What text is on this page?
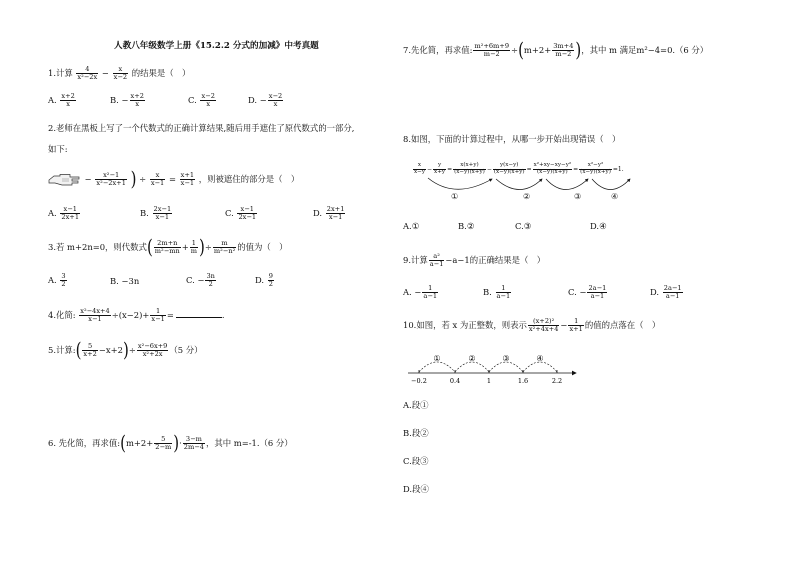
人教八年级数学上册《15.2.2 分式的加减》中考真题
1.计算 $\frac{4}{\text{x²−2x}} - \frac{x}{x-2}$ 的结果是（　）
A. $\frac{x+2}{x}$	B. − $\frac{x+2}{x}$	C. $\frac{x-2}{x}$	D. − $\frac{x-2}{x}$
2.老师在黑板上写了一个代数式的正确计算结果,随后用手遮住了原代数式的一部分,
如下:
− $\frac{\text{x²−1}}{\text{x²−2x+1}}$ ) ÷ $\frac{x}{x-1} = \frac{x+1}{x-1}$ ，则被遮住的部分是（　）
A. $\frac{x-1}{2x+1}$	B. $\frac{2x-1}{x-1}$	C. $\frac{x-1}{2x-1}$	D. $\frac{2x+1}{x-1}$
3.若 m+2n=0，则代数式( $\frac{2m+n}{\text{m²−mn}} + \frac{1}{m}$ )÷ $\frac{m}{\text{m²−n²}}$ 的值为（　）
A. $\frac{3}{2}$	B. −3n	C. − $\frac{3n}{2}$	D. $\frac{9}{2}$
4.化简: $\frac{\text{x²−4x+4}}{x-1} \div(x-2)+ \frac{1}{x-1}$ =	.
5.计算:( $\frac{5}{x+2} -x+2)\div \frac{\text{x²−6x+9}}{\text{x²+2x}} (5$ 分）
6. 先化简，再求值:(m+2+ $\frac{5}{2-m}$ )· $\frac{3-m}{2m-4}$ ，其中 m=-1.（6 分）
7.先化简，再求值: $\frac{\text{m²+6m+9}}{m-2} \div(m+2+ \frac{3m+4}{m-2}$ )，其中 m 满足m²−4=0.（6 分）
8.如图，下面的计算过程中，从哪一步开始出现错误（　）
$\frac{x}{x-y} - \frac{y}{x+y} = \frac{x(x+y)}{(x-y)(x+y)} - \frac{y(x-y)}{(x-y)(x+y)} = \frac{\text{x²+xy−xy−y²}}{(x-y)(x+y)} = \frac{\text{x²−y²}}{(x-y)(x+y)} =1$.
①	②	③	④
A.①	B.②	C.③	D.④
9.计算 $\frac{\text{a²}}{a-1} -a-1$的正确结果是（　）
A. − $\frac{1}{a-1}$	B. $\frac{1}{a-1}$	C. − $\frac{2a-1}{a-1}$	D. $\frac{2a-1}{a-1}$
10.如图，若 x 为正整数，则表示 $\frac{\text{(x+2)²}}{\text{x²+4x+4}} - \frac{1}{x+1}$ 的值的点落在（　）
①	②	③	④
−0.2	0.4	1	1.6	2.2
A.段①
B.段②
C.段③
D.段④
